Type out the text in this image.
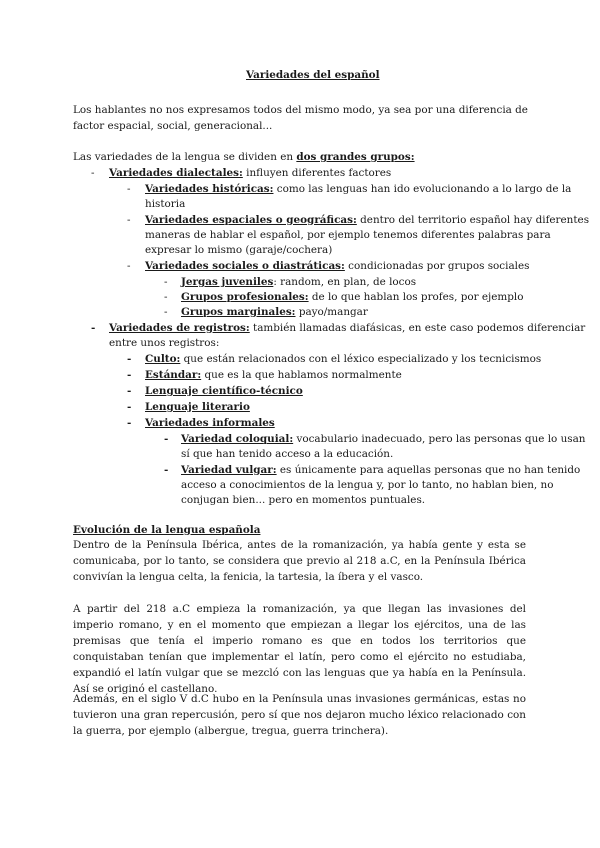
Variedades del español
Los hablantes no nos expresamos todos del mismo modo, ya sea por una diferencia de factor espacial, social, generacional...
Las variedades de la lengua se dividen en dos grandes grupos:
- Variedades dialectales: influyen diferentes factores
- Variedades históricas: como las lenguas han ido evolucionando a lo largo de la
historia
- Variedades espaciales o geográficas: dentro del territorio español hay diferentes
maneras de hablar el español, por ejemplo tenemos diferentes palabras para
expresar lo mismo (garaje/cochera)
- Variedades sociales o diastráticas: condicionadas por grupos sociales
- Jergas juveniles: random, en plan, de locos
- Grupos profesionales: de lo que hablan los profes, por ejemplo
- Grupos marginales: payo/mangar
- Variedades de registros: también llamadas diafásicas, en este caso podemos diferenciar
entre unos registros:
- Culto: que están relacionados con el léxico especializado y los tecnicismos
- Estándar: que es la que hablamos normalmente
- Lenguaje científico-técnico
- Lenguaje literario
- Variedades informales
- Variedad coloquial: vocabulario inadecuado, pero las personas que lo usan
sí que han tenido acceso a la educación.
- Variedad vulgar: es únicamente para aquellas personas que no han tenido
acceso a conocimientos de la lengua y, por lo tanto, no hablan bien, no
conjugan bien... pero en momentos puntuales.
Evolución de la lengua española
Dentro de la Península Ibérica, antes de la romanización, ya había gente y esta se comunicaba, por lo tanto, se considera que previo al 218 a.C, en la Península Ibérica convivían la lengua celta, la fenicia, la tartesia, la íbera y el vasco.
A partir del 218 a.C empieza la romanización, ya que llegan las invasiones del imperio romano, y en el momento que empiezan a llegar los ejércitos, una de las premisas que tenía el imperio romano es que en todos los territorios que conquistaban tenían que implementar el latín, pero como el ejército no estudiaba, expandió el latín vulgar que se mezcló con las lenguas que ya había en la Península. Así se originó el castellano.
Además, en el siglo V d.C hubo en la Península unas invasiones germánicas, estas no tuvieron una gran repercusión, pero sí que nos dejaron mucho léxico relacionado con la guerra, por ejemplo (albergue, tregua, guerra trinchera).
